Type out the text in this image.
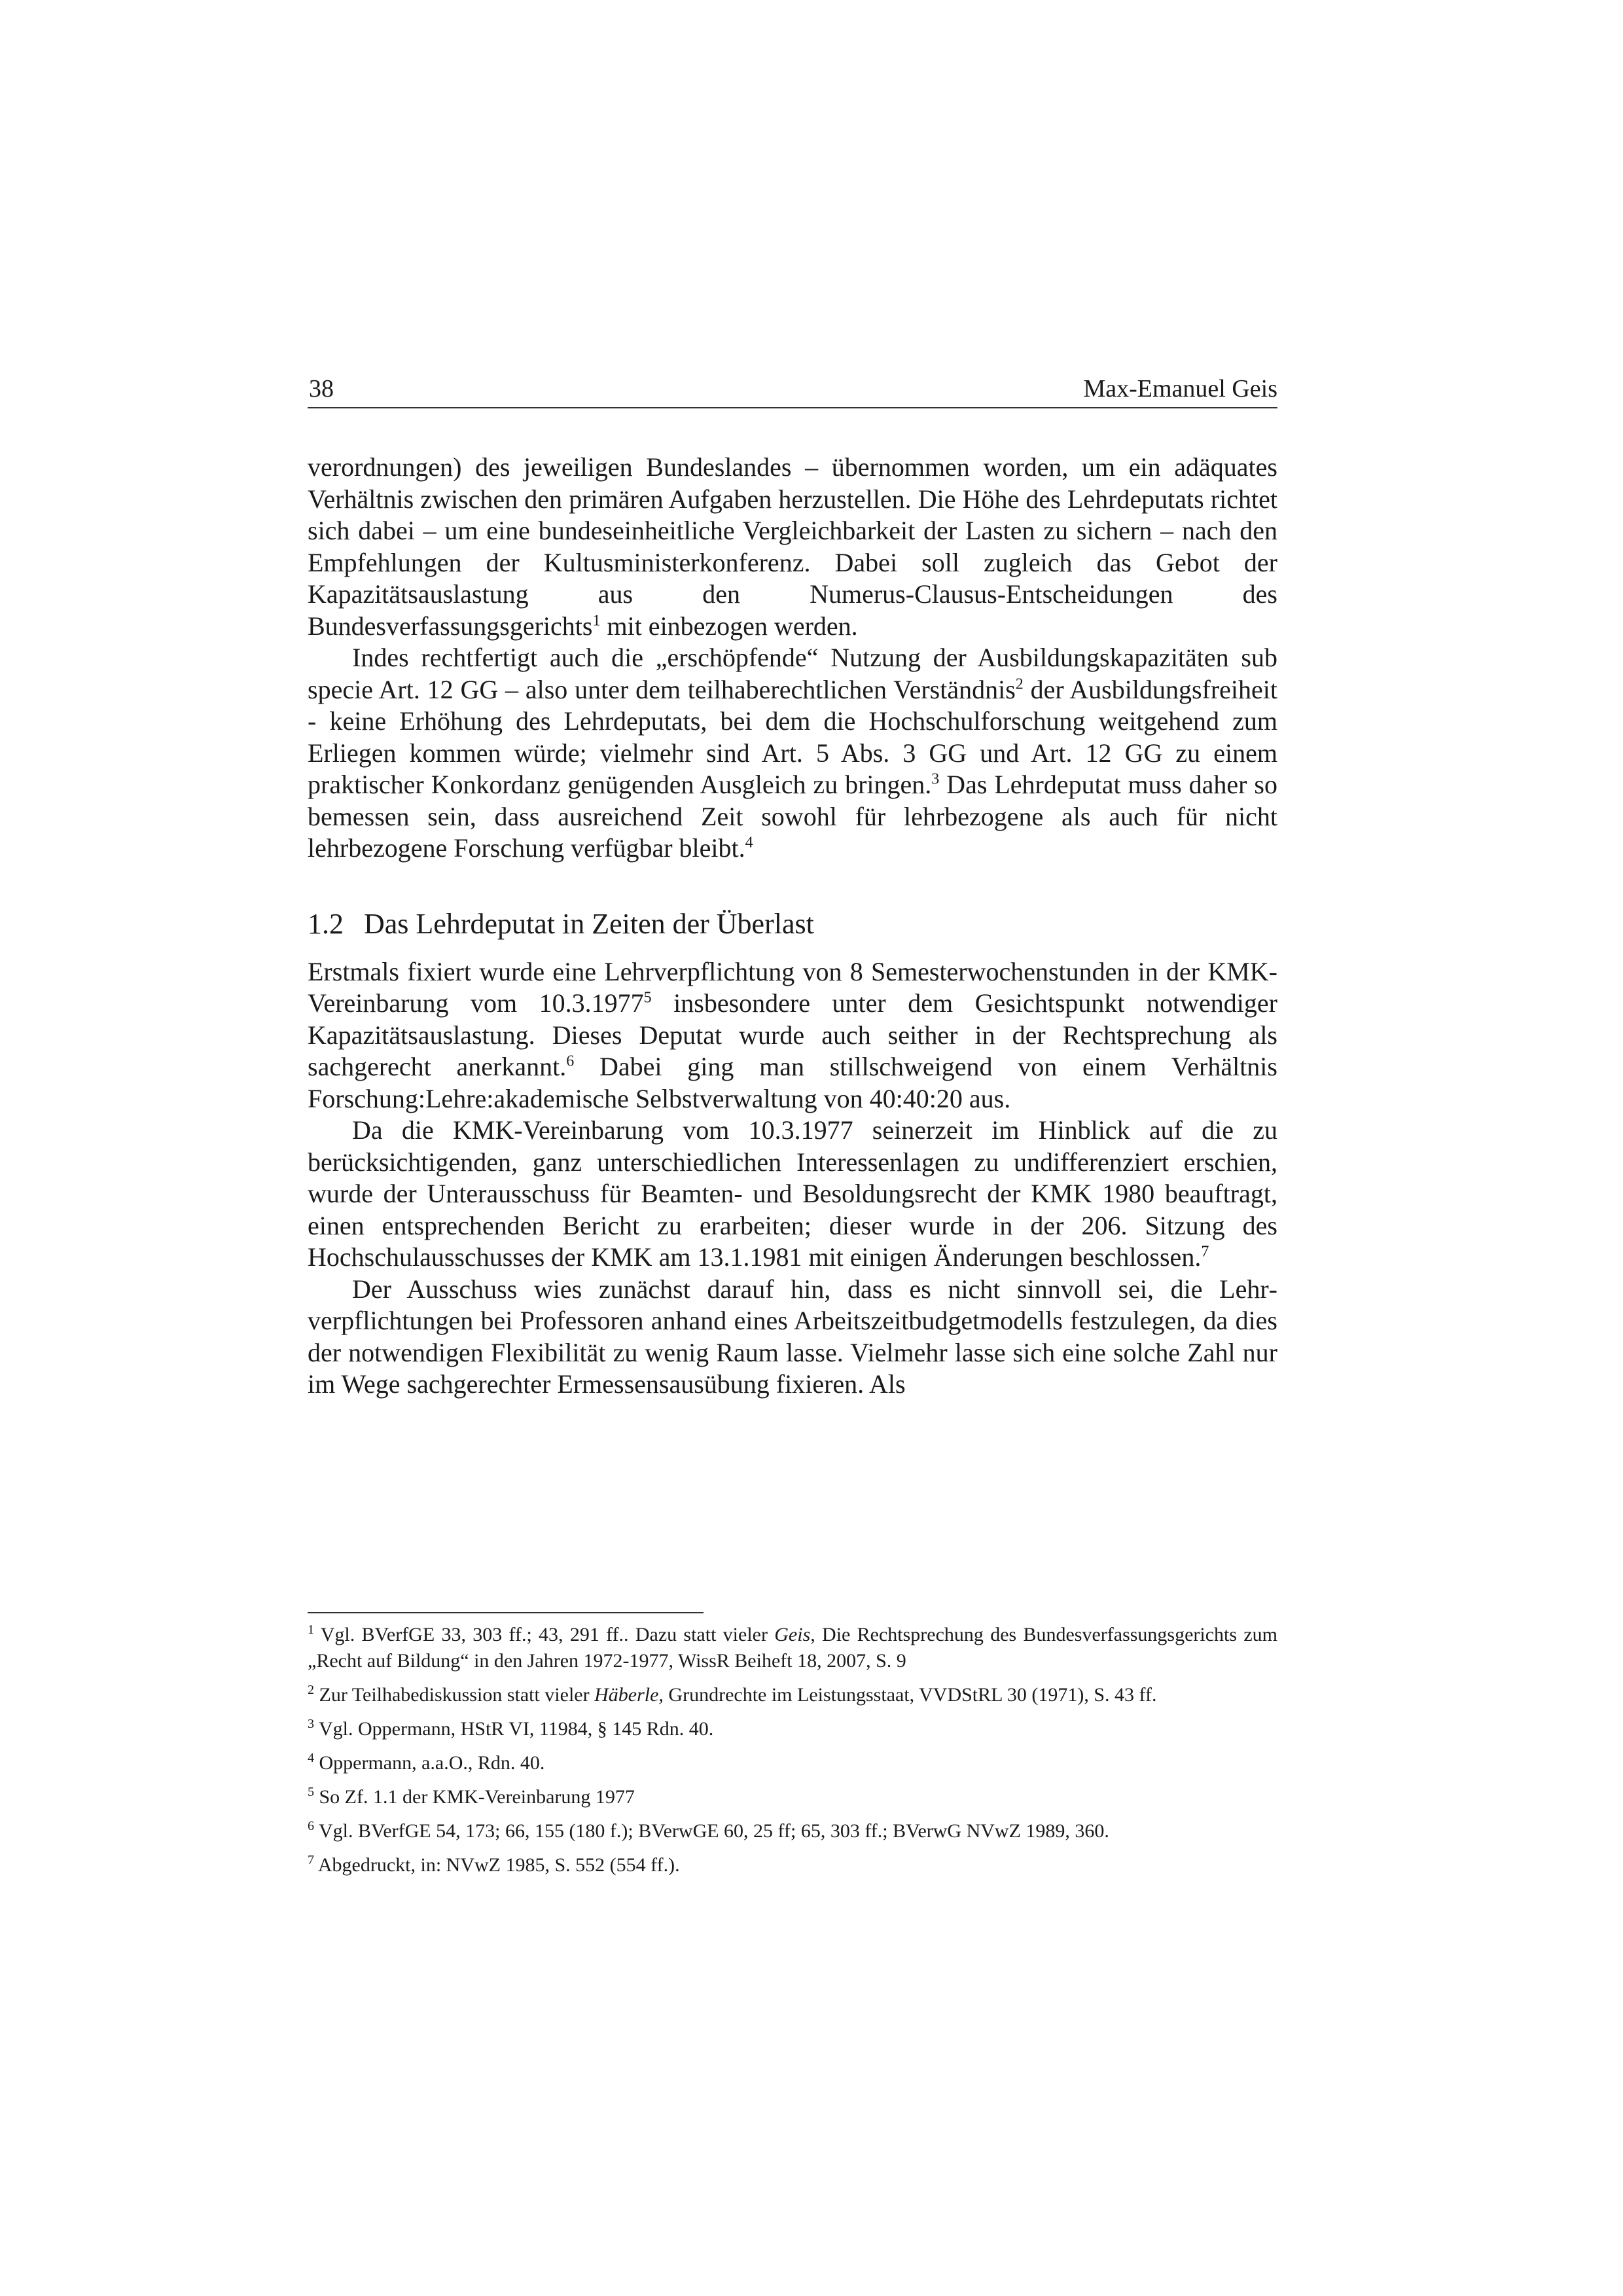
38	Max-Emanuel Geis

verordnungen) des jeweiligen Bundeslandes – übernommen worden, um ein adäquates Verhältnis zwischen den primären Aufgaben herzustellen. Die Höhe des Lehrdeputats richtet sich dabei – um eine bundeseinheitliche Vergleichbarkeit der Lasten zu sichern – nach den Empfehlungen der Kultusministerkonferenz. Dabei soll zugleich das Gebot der Kapazitätsauslastung aus den Numerus-Clausus-Entscheidungen des Bundesverfassungsgerichts$^1$ mit einbezogen werden.

Indes rechtfertigt auch die „erschöpfende“ Nutzung der Ausbildungskapazitäten sub specie Art. 12 GG – also unter dem teilhaberechtlichen Verständnis$^2$ der Ausbildungsfreiheit - keine Erhöhung des Lehrdeputats, bei dem die Hochschulforschung weitgehend zum Erliegen kommen würde; vielmehr sind Art. 5 Abs. 3 GG und Art. 12 GG zu einem praktischer Konkordanz genügenden Ausgleich zu bringen.$^3$ Das Lehrdeputat muss daher so bemessen sein, dass ausreichend Zeit sowohl für lehrbezogene als auch für nicht lehrbezogene Forschung verfügbar bleibt.$^4$

1.2 Das Lehrdeputat in Zeiten der Überlast

Erstmals fixiert wurde eine Lehrverpflichtung von 8 Semesterwochenstunden in der KMK-Vereinbarung vom 10.3.1977$^5$ insbesondere unter dem Gesichtspunkt notwendiger Kapazitätsauslastung. Dieses Deputat wurde auch seither in der Rechtsprechung als sachgerecht anerkannt.$^6$ Dabei ging man stillschweigend von einem Verhältnis Forschung:Lehre:akademische Selbstverwaltung von 40:40:20 aus.

Da die KMK-Vereinbarung vom 10.3.1977 seinerzeit im Hinblick auf die zu berücksichtigenden, ganz unterschiedlichen Interessenlagen zu undifferenziert erschien, wurde der Unterausschuss für Beamten- und Besoldungsrecht der KMK 1980 beauftragt, einen entsprechenden Bericht zu erarbeiten; dieser wurde in der 206. Sitzung des Hochschulausschusses der KMK am 13.1.1981 mit einigen Änderungen beschlossen.$^7$

Der Ausschuss wies zunächst darauf hin, dass es nicht sinnvoll sei, die Lehrverpflichtungen bei Professoren anhand eines Arbeitszeitbudgetmodells festzulegen, da dies der notwendigen Flexibilität zu wenig Raum lasse. Vielmehr lasse sich eine solche Zahl nur im Wege sachgerechter Ermessensausübung fixieren. Als

$^1$ Vgl. BVerfGE 33, 303 ff.; 43, 291 ff.. Dazu statt vieler Geis, Die Rechtsprechung des Bundesverfassungsgerichts zum „Recht auf Bildung“ in den Jahren 1972-1977, WissR Beiheft 18, 2007, S. 9

$^2$ Zur Teilhabediskussion statt vieler Häberle, Grundrechte im Leistungsstaat, VVDStRL 30 (1971), S. 43 ff.

$^3$ Vgl. Oppermann, HStR VI, 11984, § 145 Rdn. 40.

$^4$ Oppermann, a.a.O., Rdn. 40.

$^5$ So Zf. 1.1 der KMK-Vereinbarung 1977

$^6$ Vgl. BVerfGE 54, 173; 66, 155 (180 f.); BVerwGE 60, 25 ff; 65, 303 ff.; BVerwG NVwZ 1989, 360.

$^7$ Abgedruckt, in: NVwZ 1985, S. 552 (554 ff.).
